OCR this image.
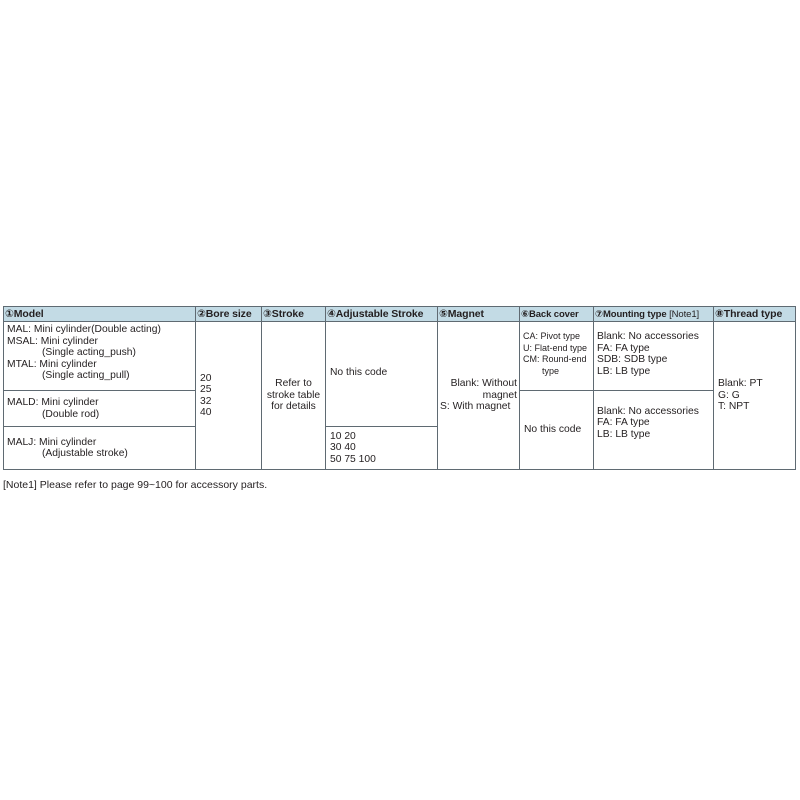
①Model	②Bore size	③Stroke	④Adjustable Stroke	⑤Magnet	⑥Back cover	⑦Mounting type [Note1]	⑧Thread type

MAL: Mini cylinder(Double acting)
MSAL: Mini cylinder
(Single acting_push)
MTAL: Mini cylinder
(Single acting_pull)	20
25
32
40	Refer to
stroke table
for details	No this code	Blank: Without
magnet
S: With magnet	CA: Pivot type
U: Flat-end type
CM: Round-end
type	Blank: No accessories
FA: FA type
SDB: SDB type
LB: LB type	Blank: PT
G: G
T: NPT

MALD: Mini cylinder
(Double rod)					No this code	Blank: No accessories
FA: FA type
LB: LB type	

MALJ: Mini cylinder
(Adjustable stroke)			10 20
30 40
50 75 100				
[Note1] Please refer to page 99~100 for accessory parts.
